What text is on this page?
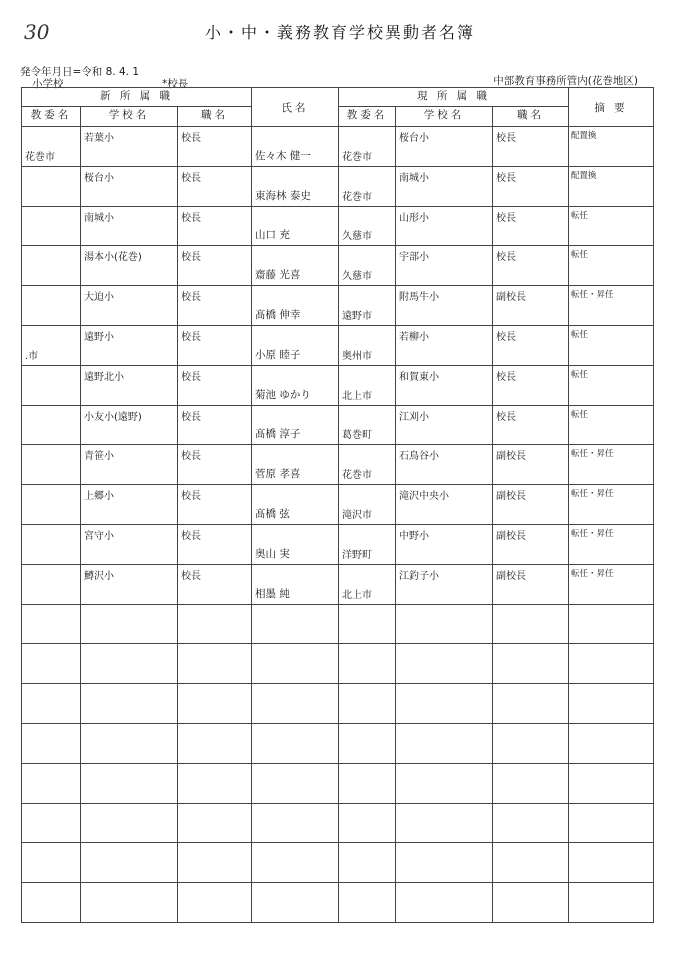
30	小・中・義務教育学校異動者名簿
発令年月日=令和 8. 4. 1
小学校	*校長	中部教育事務所管内(花巻地区)
新 所 属 職			氏名	現 所 属 職			摘 要
教委名	学校名	職名		教委名	学校名	職名	

花巻市	若葉小	校長	佐々木 健一	花巻市	桜台小	校長	配置換

	桜台小	校長	東海林 泰史	花巻市	南城小	校長	配置換

	南城小	校長	山口 充	久慈市	山形小	校長	転任

	湯本小(花巻)	校長	齋藤 光喜	久慈市	宇部小	校長	転任

	大迫小	校長	髙橋 伸幸	遠野市	附馬牛小	副校長	転任・昇任

.市	遠野小	校長	小原 睦子	奥州市	若柳小	校長	転任

	遠野北小	校長	菊池 ゆかり	北上市	和賀東小	校長	転任

	小友小(遠野)	校長	髙橋 淳子	葛巻町	江刈小	校長	転任

	青笹小	校長	菅原 孝喜	花巻市	石鳥谷小	副校長	転任・昇任

	上郷小	校長	髙橋 弦	滝沢市	滝沢中央小	副校長	転任・昇任

	宮守小	校長	奥山 実	洋野町	中野小	副校長	転任・昇任

	鱒沢小	校長	相墨 純	北上市	江釣子小	副校長	転任・昇任
